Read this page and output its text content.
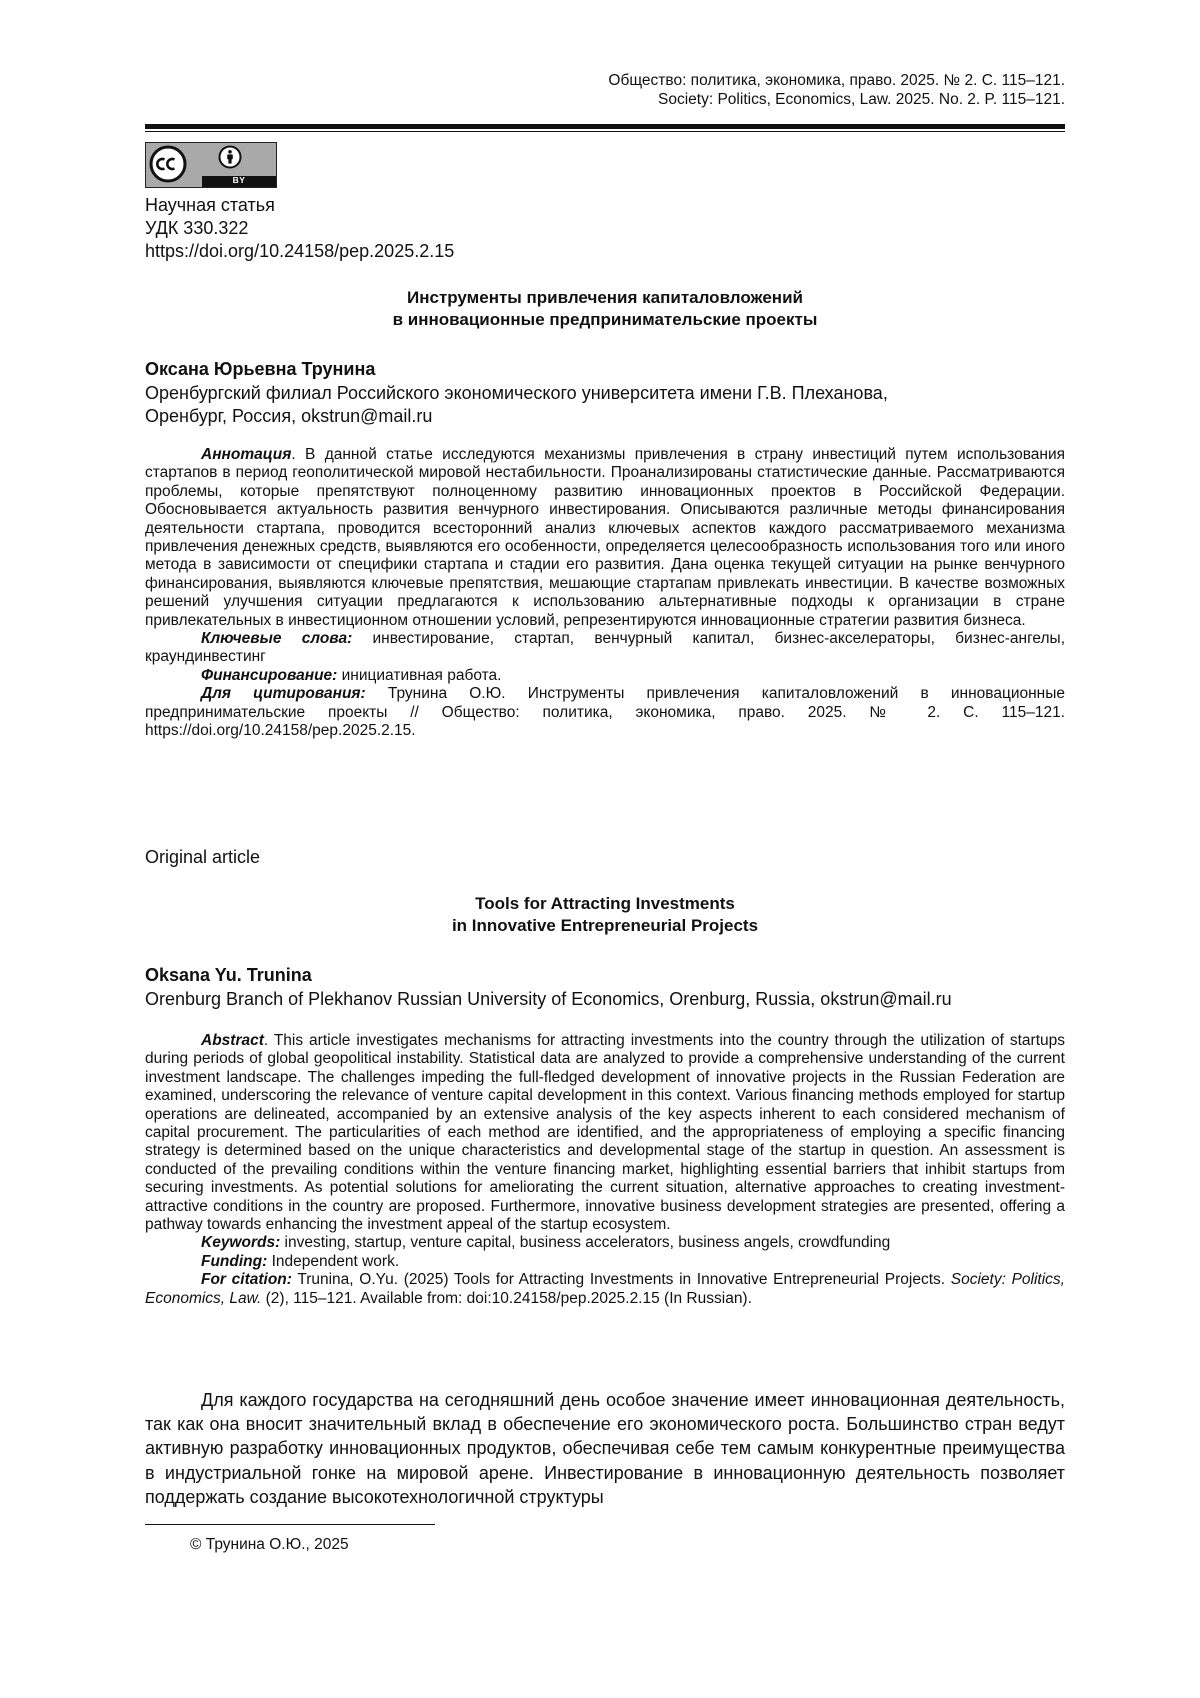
Общество: политика, экономика, право. 2025. № 2. С. 115–121.
Society: Politics, Economics, Law. 2025. No. 2. P. 115–121.
BY
Научная статья
УДК 330.322
https://doi.org/10.24158/pep.2025.2.15
Инструменты привлечения капиталовложений
в инновационные предпринимательские проекты
Оксана Юрьевна Трунина
Оренбургский филиал Российского экономического университета имени Г.В. Плеханова,
Оренбург, Россия, okstrun@mail.ru

Аннотация. В данной статье исследуются механизмы привлечения в страну инвестиций путем использования стартапов в период геополитической мировой нестабильности. Проанализированы статистические данные. Рассматриваются проблемы, которые препятствуют полноценному развитию инновационных проектов в Российской Федерации. Обосновывается актуальность развития венчурного инвестирования. Описываются различные методы финансирования деятельности стартапа, проводится всесторонний анализ ключевых аспектов каждого рассматриваемого механизма привлечения денежных средств, выявляются его особенности, определяется целесообразность использования того или иного метода в зависимости от специфики стартапа и стадии его развития. Дана оценка текущей ситуации на рынке венчурного финансирования, выявляются ключевые препятствия, мешающие стартапам привлекать инвестиции. В качестве возможных решений улучшения ситуации предлагаются к использованию альтернативные подходы к организации в стране привлекательных в инвестиционном отношении условий, репрезентируются инновационные стратегии развития бизнеса.

Ключевые слова: инвестирование, стартап, венчурный капитал, бизнес-акселераторы, бизнес-ангелы, краундинвестинг

Финансирование: инициативная работа.

Для цитирования: Трунина О.Ю. Инструменты привлечения капиталовложений в инновационные предпринимательские проекты // Общество: политика, экономика, право. 2025. № 2. С. 115–121. https://doi.org/10.24158/pep.2025.2.15.

Original article
Tools for Attracting Investments
in Innovative Entrepreneurial Projects
Oksana Yu. Trunina
Orenburg Branch of Plekhanov Russian University of Economics, Orenburg, Russia, okstrun@mail.ru

Abstract. This article investigates mechanisms for attracting investments into the country through the utilization of startups during periods of global geopolitical instability. Statistical data are analyzed to provide a comprehensive understanding of the current investment landscape. The challenges impeding the full-fledged development of innovative projects in the Russian Federation are examined, underscoring the relevance of venture capital development in this context. Various financing methods employed for startup operations are delineated, accompanied by an extensive analysis of the key aspects inherent to each considered mechanism of capital procurement. The particularities of each method are identified, and the appropriateness of employing a specific financing strategy is determined based on the unique characteristics and developmental stage of the startup in question. An assessment is conducted of the prevailing conditions within the venture financing market, highlighting essential barriers that inhibit startups from securing investments. As potential solutions for ameliorating the current situation, alternative approaches to creating investment-attractive conditions in the country are proposed. Furthermore, innovative business development strategies are presented, offering a pathway towards enhancing the investment appeal of the startup ecosystem.

Keywords: investing, startup, venture capital, business accelerators, business angels, crowdfunding

Funding: Independent work.

For citation: Trunina, O.Yu. (2025) Tools for Attracting Investments in Innovative Entrepreneurial Projects. Society: Politics, Economics, Law. (2), 115–121. Available from: doi:10.24158/pep.2025.2.15 (In Russian).

Для каждого государства на сегодняшний день особое значение имеет инновационная деятельность, так как она вносит значительный вклад в обеспечение его экономического роста. Большинство стран ведут активную разработку инновационных продуктов, обеспечивая себе тем самым конкурентные преимущества в индустриальной гонке на мировой арене. Инвестирование в инновационную деятельность позволяет поддержать создание высокотехнологичной структуры

© Трунина О.Ю., 2025
